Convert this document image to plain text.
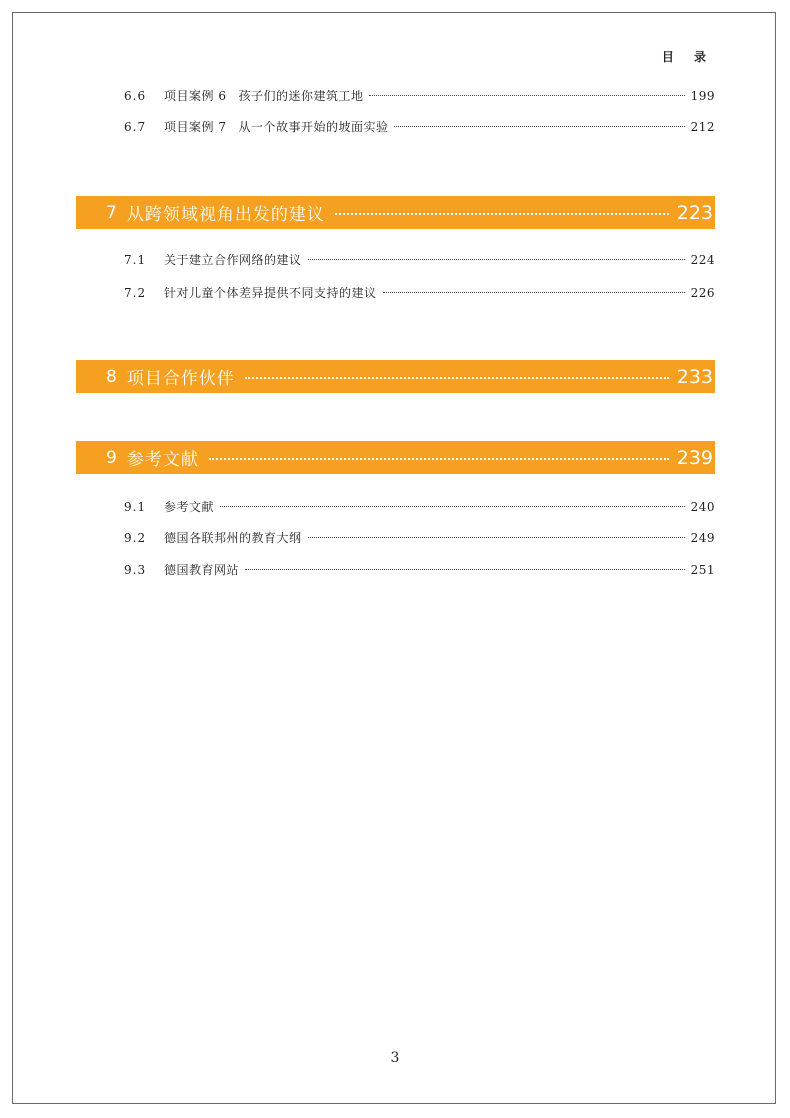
目 录
6.6	项目案例 6 孩子们的迷你建筑工地	199
6.7	项目案例 7 从一个故事开始的坡面实验	212
7 从跨领域视角出发的建议	223
7.1	关于建立合作网络的建议	224
7.2	针对儿童个体差异提供不同支持的建议	226
8 项目合作伙伴	233
9 参考文献	239
9.1	参考文献	240
9.2	德国各联邦州的教育大纲	249
9.3	德国教育网站	251
3
